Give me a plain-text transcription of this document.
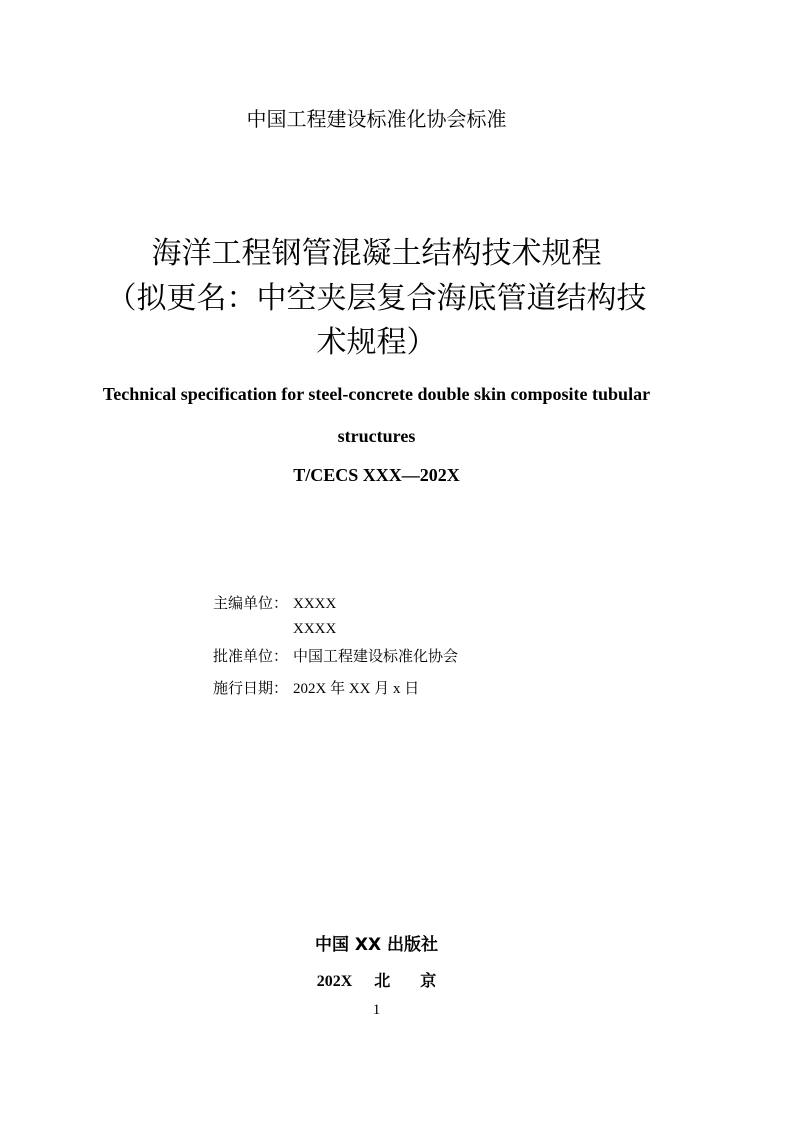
中国工程建设标准化协会标准
海洋工程钢管混凝土结构技术规程
（拟更名：中空夹层复合海底管道结构技
术规程）
Technical specification for steel-concrete double skin composite tubular
structures
T/CECS XXX—202X
主编单位： XXXX
XXXX
批准单位： 中国工程建设标准化协会
施行日期： 202X 年 XX 月 x 日
中国 XX 出版社
202X 北 京
1
